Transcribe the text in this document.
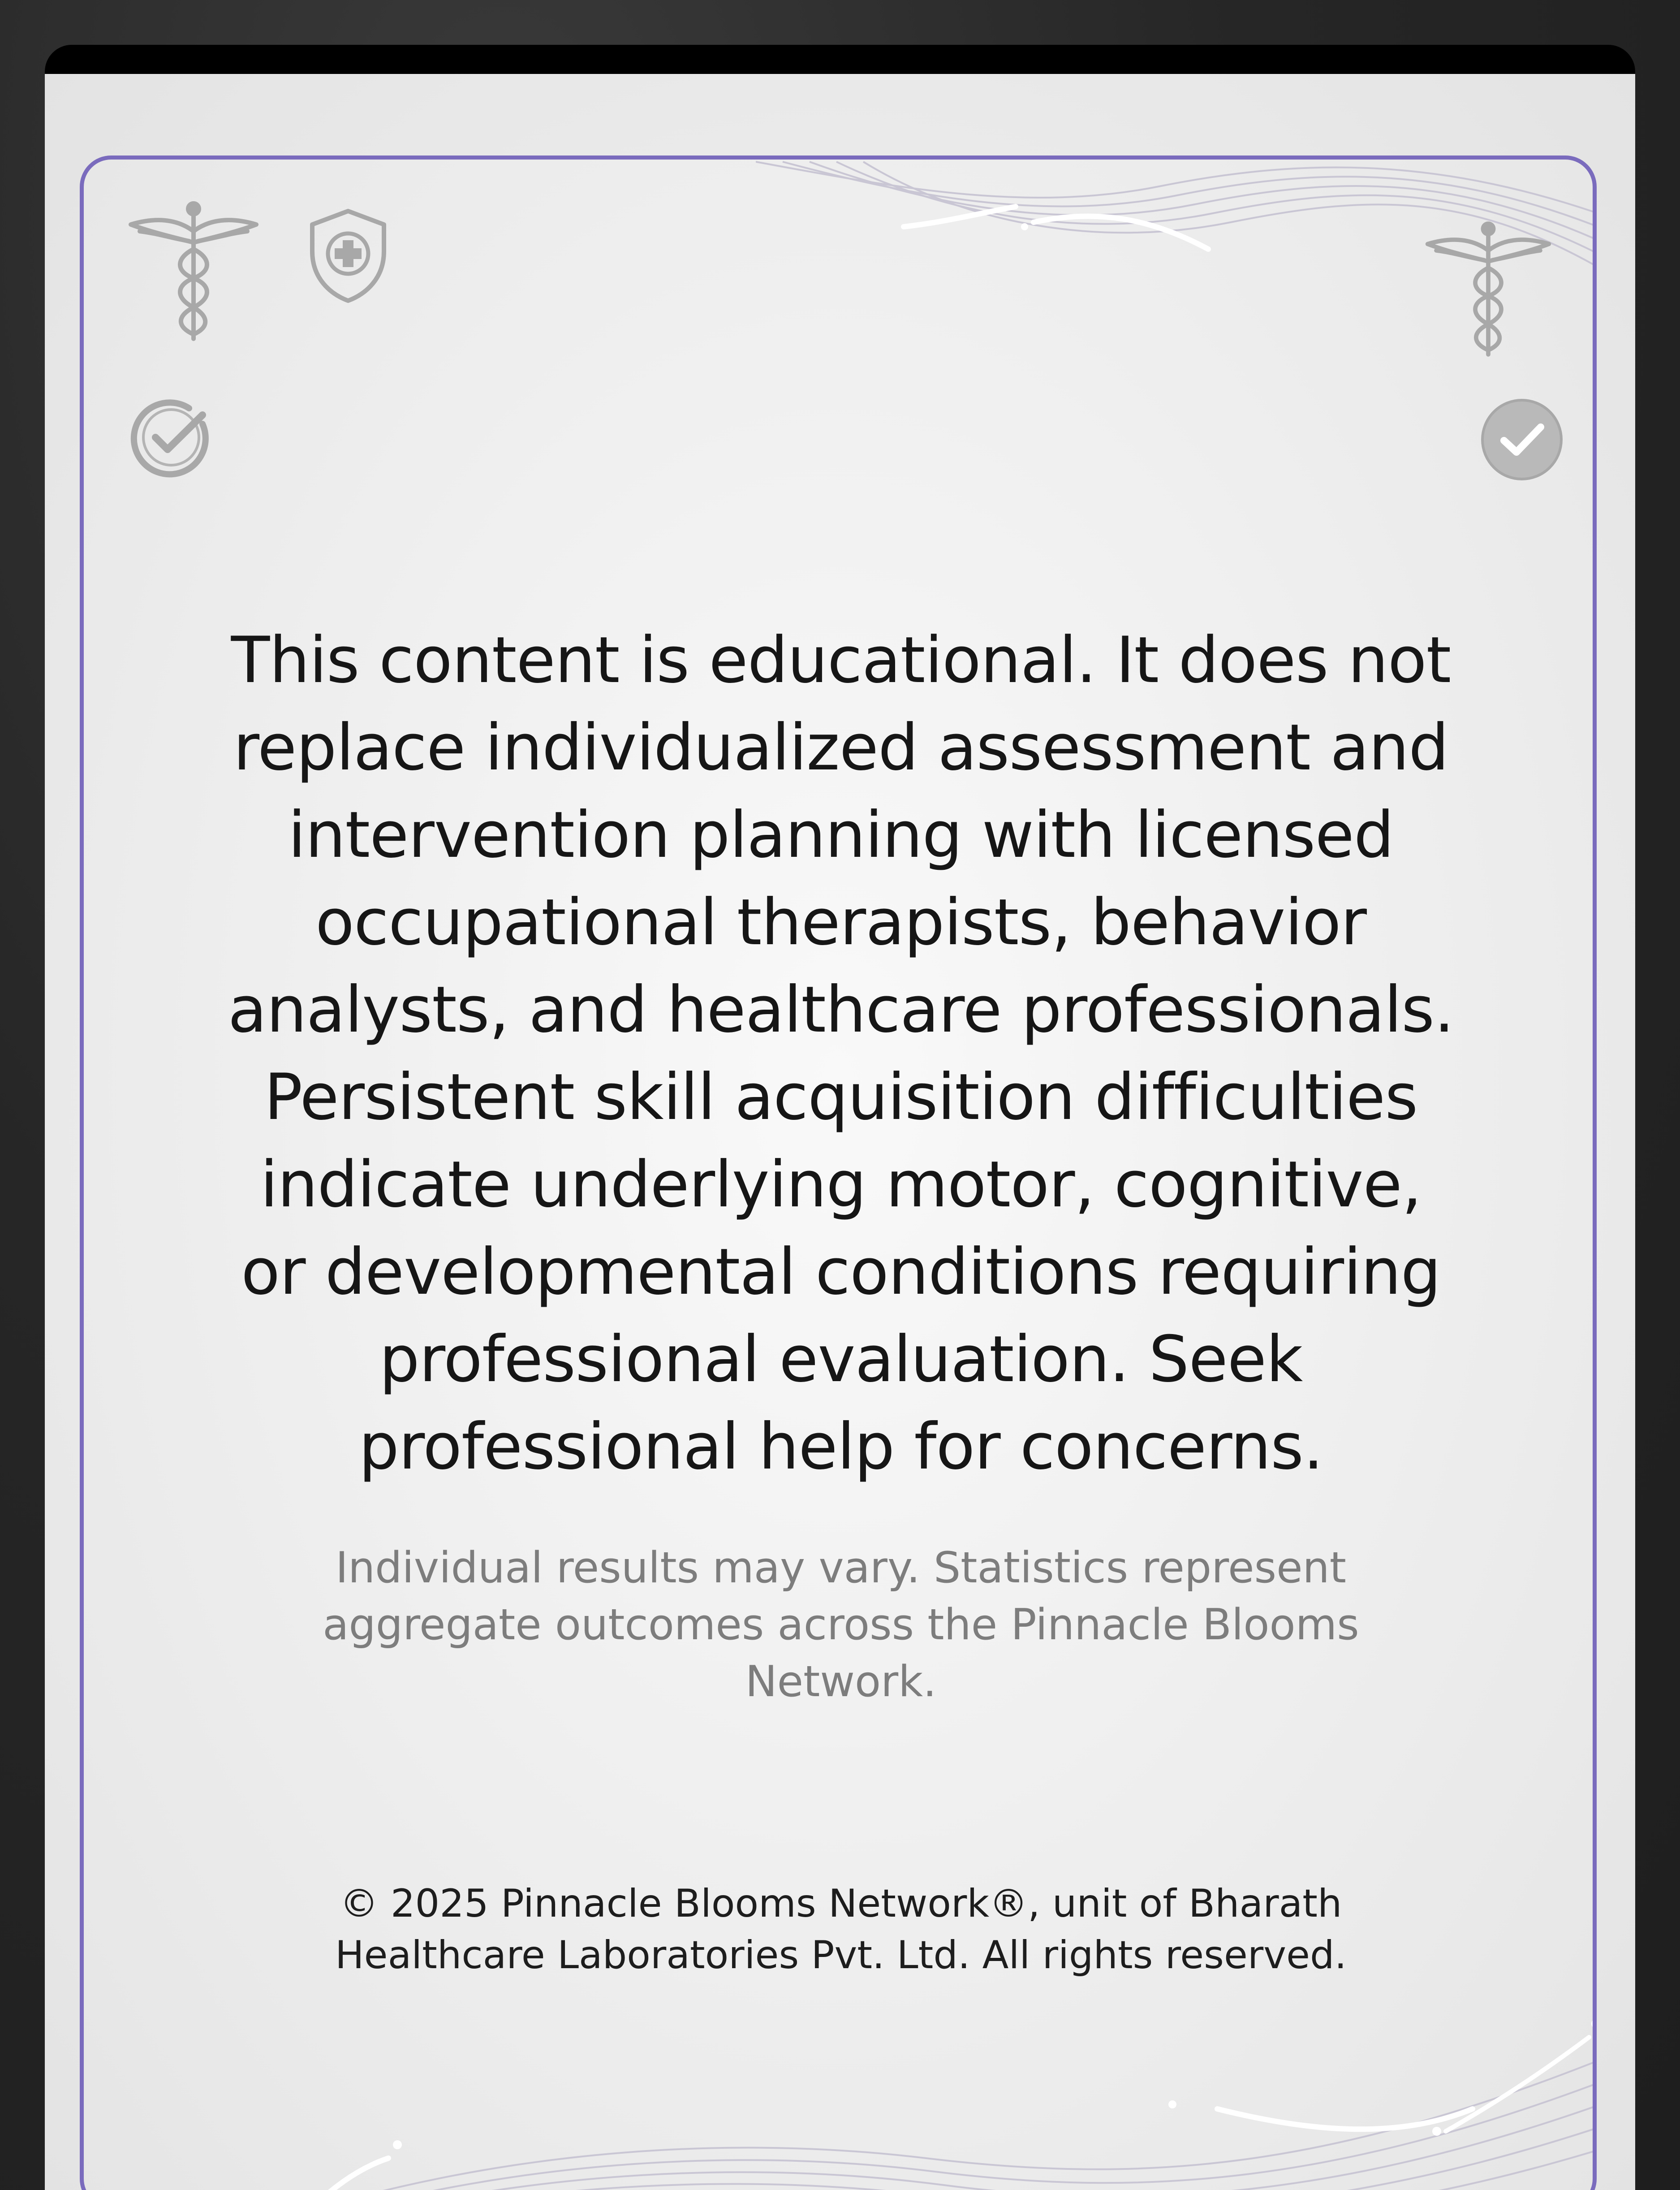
This content is educational. It does not replace individualized assessment and intervention planning with licensed occupational therapists, behavior analysts, and healthcare professionals. Persistent skill acquisition difficulties indicate underlying motor, cognitive, or developmental conditions requiring professional evaluation. Seek professional help for concerns.
Individual results may vary. Statistics represent aggregate outcomes across the Pinnacle Blooms Network.
© 2025 Pinnacle Blooms Network®, unit of Bharath Healthcare Laboratories Pvt. Ltd. All rights reserved.
